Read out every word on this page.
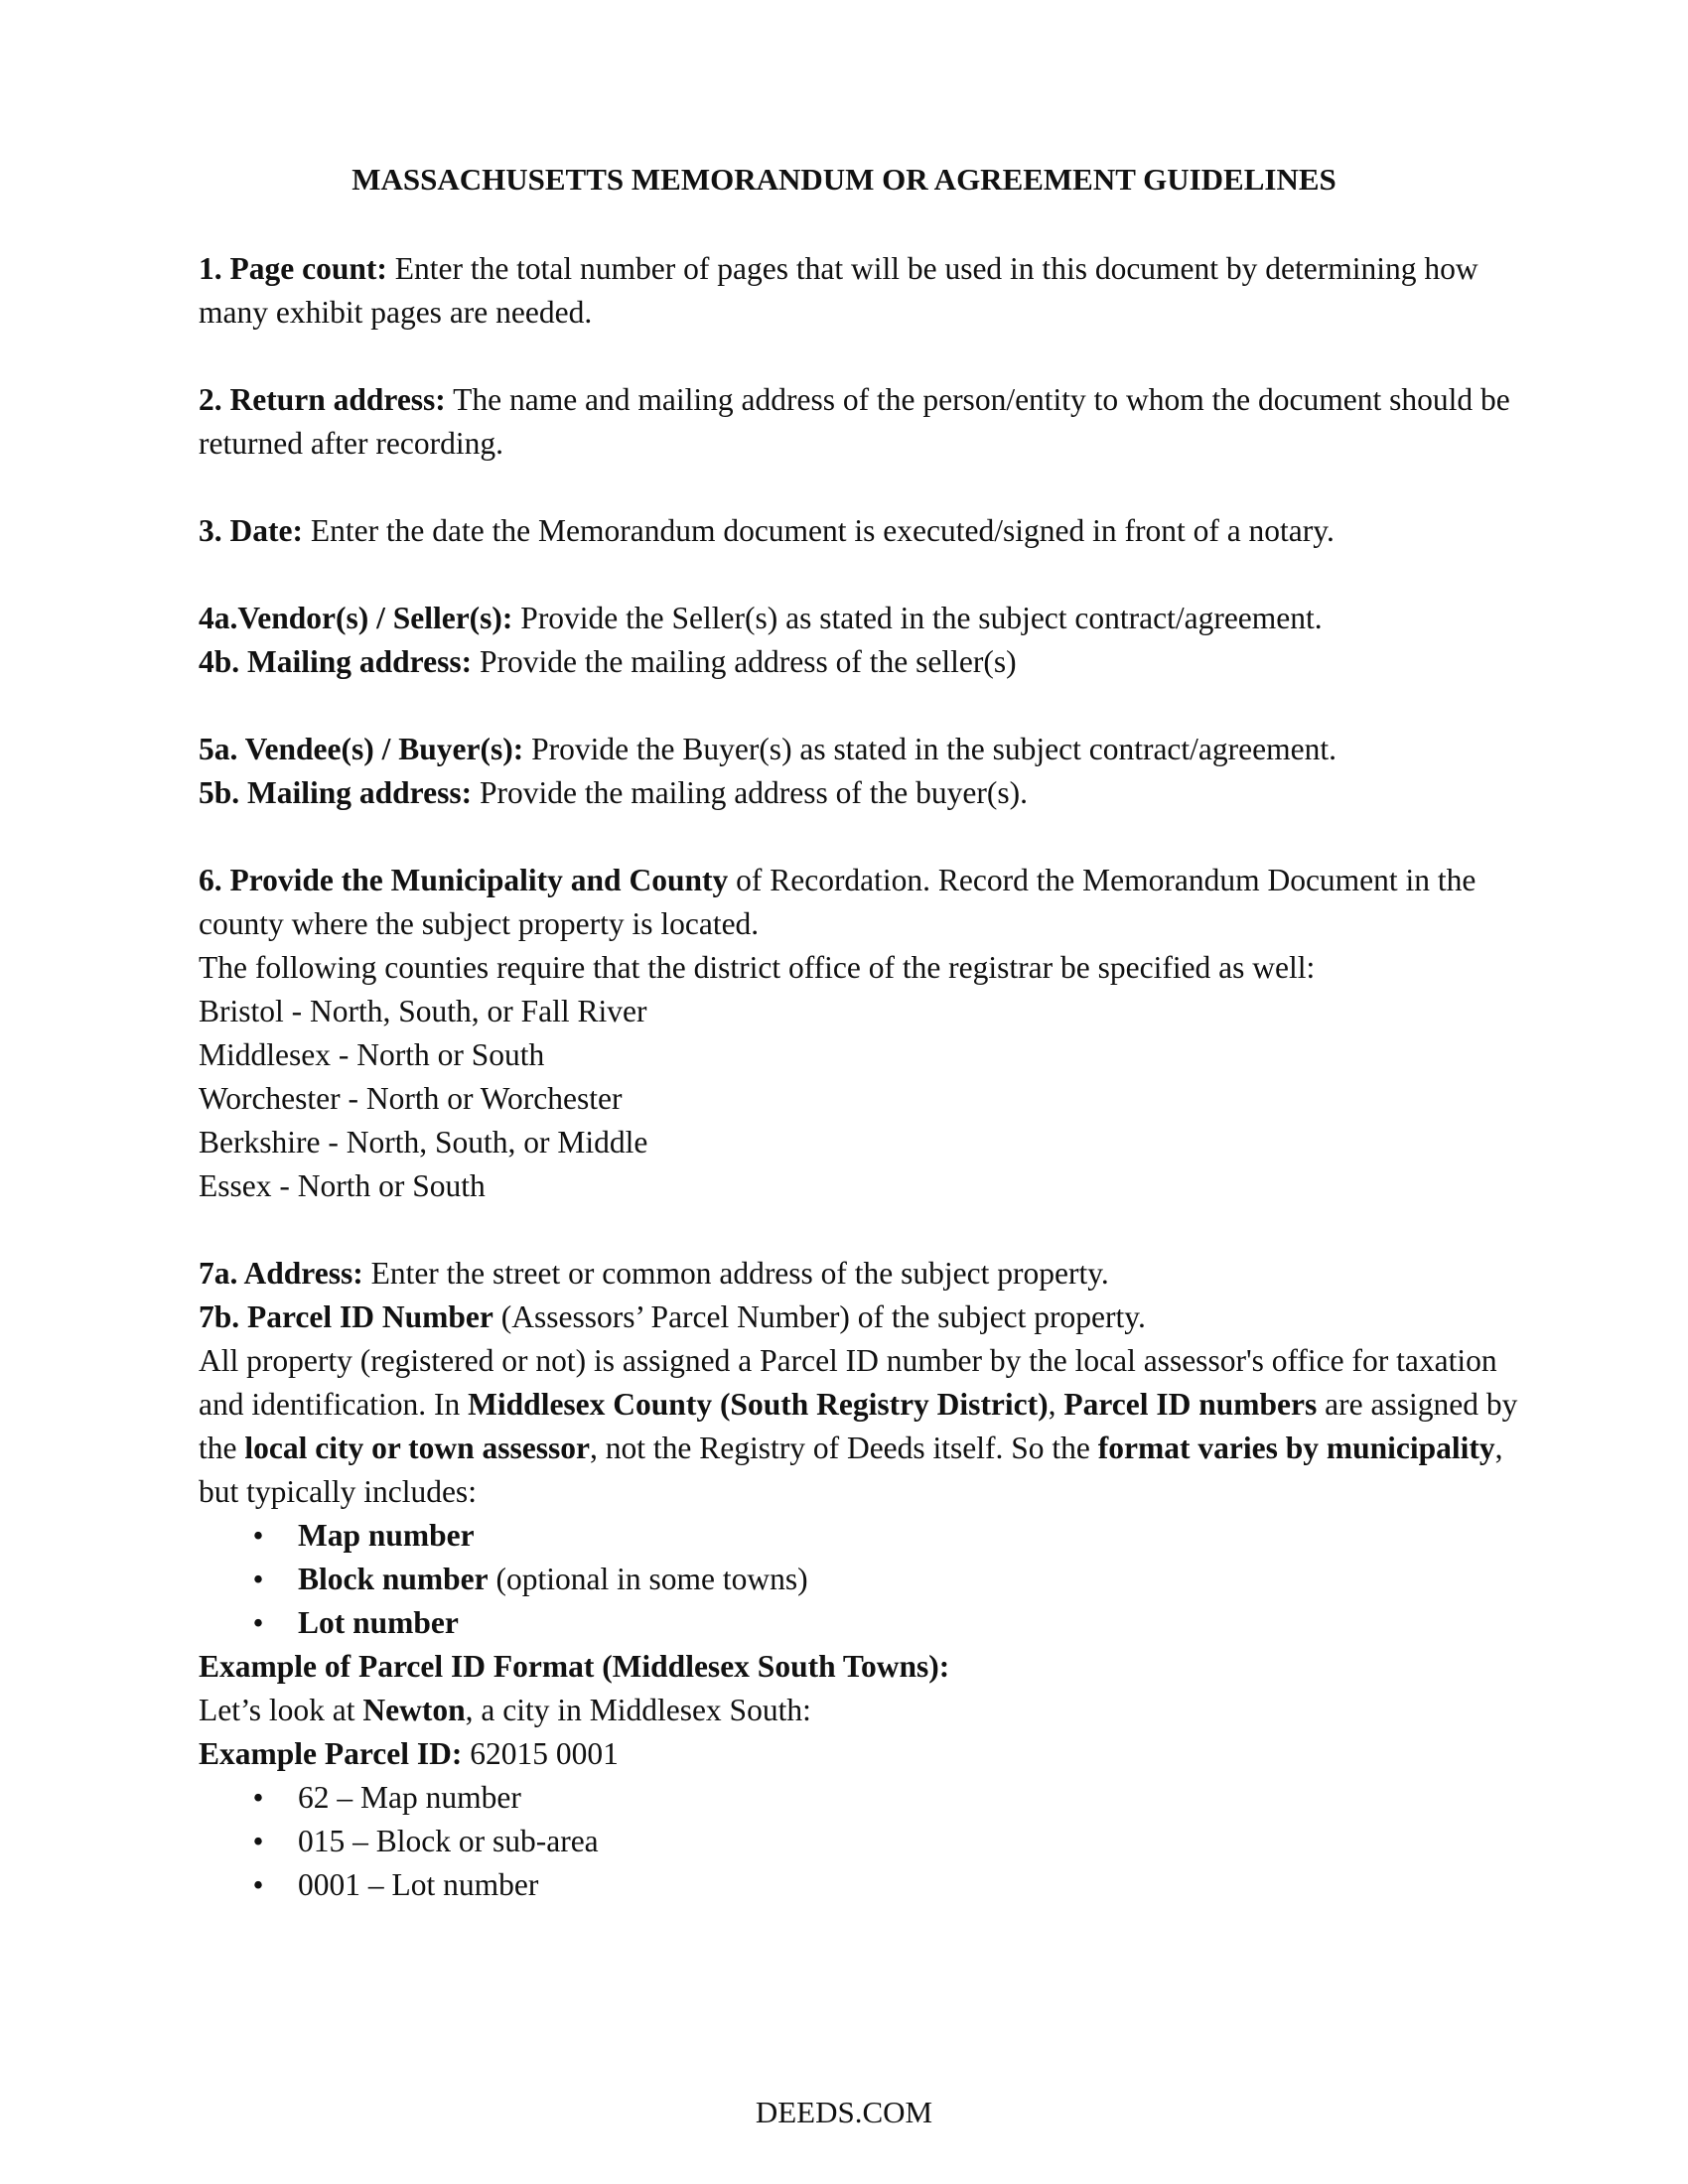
MASSACHUSETTS MEMORANDUM OR AGREEMENT GUIDELINES

1. Page count: Enter the total number of pages that will be used in this document by determining how many exhibit pages are needed.

2. Return address: The name and mailing address of the person/entity to whom the document should be returned after recording.

3. Date: Enter the date the Memorandum document is executed/signed in front of a notary.

4a.Vendor(s) / Seller(s): Provide the Seller(s) as stated in the subject contract/agreement.

4b. Mailing address: Provide the mailing address of the seller(s)

5a. Vendee(s) / Buyer(s): Provide the Buyer(s) as stated in the subject contract/agreement.

5b. Mailing address: Provide the mailing address of the buyer(s).

6. Provide the Municipality and County of Recordation. Record the Memorandum Document in the county where the subject property is located.

The following counties require that the district office of the registrar be specified as well:

Bristol - North, South, or Fall River

Middlesex - North or South

Worchester - North or Worchester

Berkshire - North, South, or Middle

Essex - North or South

7a. Address: Enter the street or common address of the subject property.

7b. Parcel ID Number (Assessors’ Parcel Number) of the subject property.

All property (registered or not) is assigned a Parcel ID number by the local assessor's office for taxation and identification. In Middlesex County (South Registry District), Parcel ID numbers are assigned by the local city or town assessor, not the Registry of Deeds itself. So the format varies by municipality, but typically includes:

• Map number
• Block number (optional in some towns)
• Lot number

Example of Parcel ID Format (Middlesex South Towns):

Let’s look at Newton, a city in Middlesex South:

Example Parcel ID: 62015 0001

• 62 – Map number
• 015 – Block or sub-area
• 0001 – Lot number
DEEDS.COM
